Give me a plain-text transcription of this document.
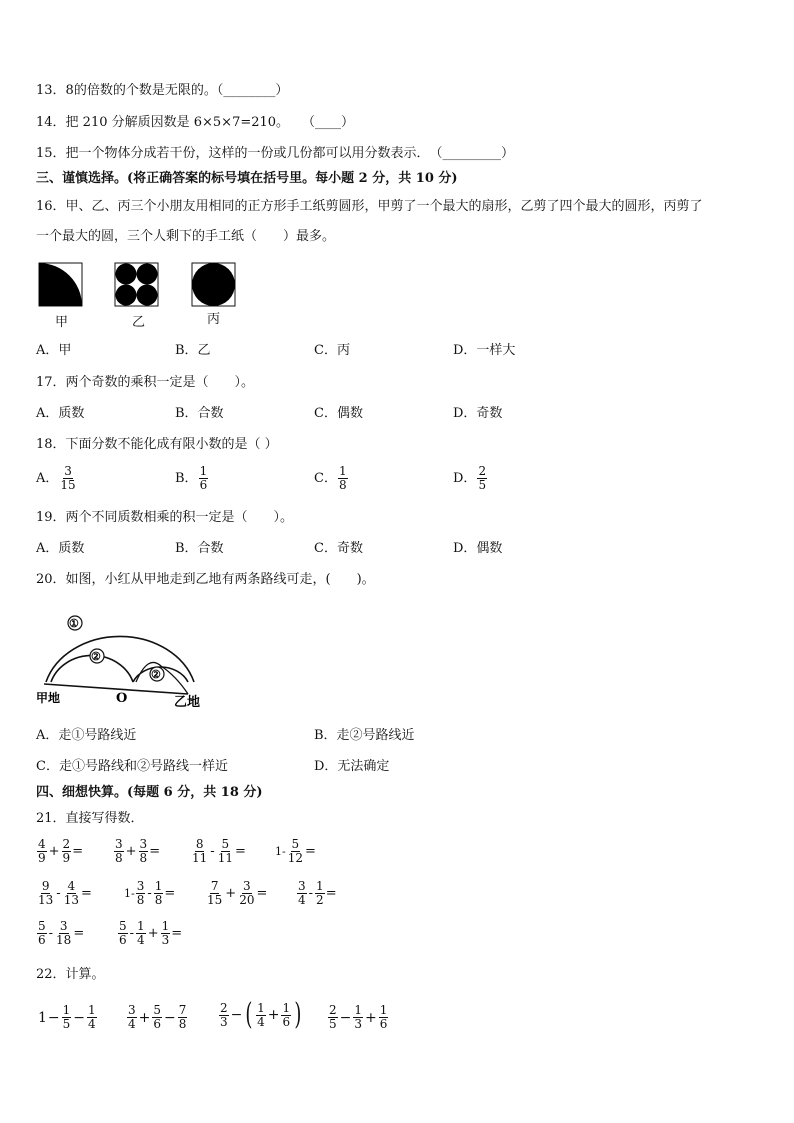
13．8的倍数的个数是无限的。（________）
14．把 210 分解质因数是 6×5×7=210。　　（____）
15．把一个物体分成若干份，这样的一份或几份都可以用分数表示．　（_________）
三、谨慎选择。(将正确答案的标号填在括号里。每小题 2 分，共 10 分)
16．甲、乙、丙三个小朋友用相同的正方形手工纸剪圆形，甲剪了一个最大的扇形，乙剪了四个最大的圆形，丙剪了
一个最大的圆，三个人剩下的手工纸（　　）最多。
甲	乙	丙
A．甲	B．乙	C．丙	D．一样大
17．两个奇数的乘积一定是（　　）。
A．质数	B．合数	C．偶数	D．奇数
18．下面分数不能化成有限小数的是（ ）
A． $\frac{3}{15}$	B． $\frac{1}{6}$	C． $\frac{1}{8}$	D． $\frac{2}{5}$
19．两个不同质数相乘的积一定是（　　）。
A．质数	B．合数	C．奇数	D．偶数
20．如图，小红从甲地走到乙地有两条路线可走，(　　)。
①
②
②
甲地	O	乙地
A．走①号路线近	B．走②号路线近
C．走①号路线和②号路线一样近	D．无法确定
四、细想快算。(每题 6 分，共 18 分)
21．直接写得数．
$\frac{4}{9} + \frac{2}{9}$ =	$\frac{3}{8} + \frac{3}{8}$ =	$\frac{8}{11} - \frac{5}{11}$ =	$1- \frac{5}{12}$ =
$\frac{9}{13} - \frac{4}{13}$ =	$1- \frac{3}{8} - \frac{1}{8}$ =	$\frac{7}{15} + \frac{3}{20} = \frac{3}{4} - \frac{1}{2}$ =
$\frac{5}{6} - \frac{3}{18}$ =	$\frac{5}{6} - \frac{1}{4} + \frac{1}{3}$ =
22．计算。
$1 - \frac{1}{5} - \frac{1}{4}$	$\frac{3}{4} + \frac{5}{6} - \frac{7}{8}$	$\frac{2}{3}$ − ( $\frac{1}{4} + \frac{1}{6}$ ) $\frac{2}{5} - \frac{1}{3} + \frac{1}{6}$
